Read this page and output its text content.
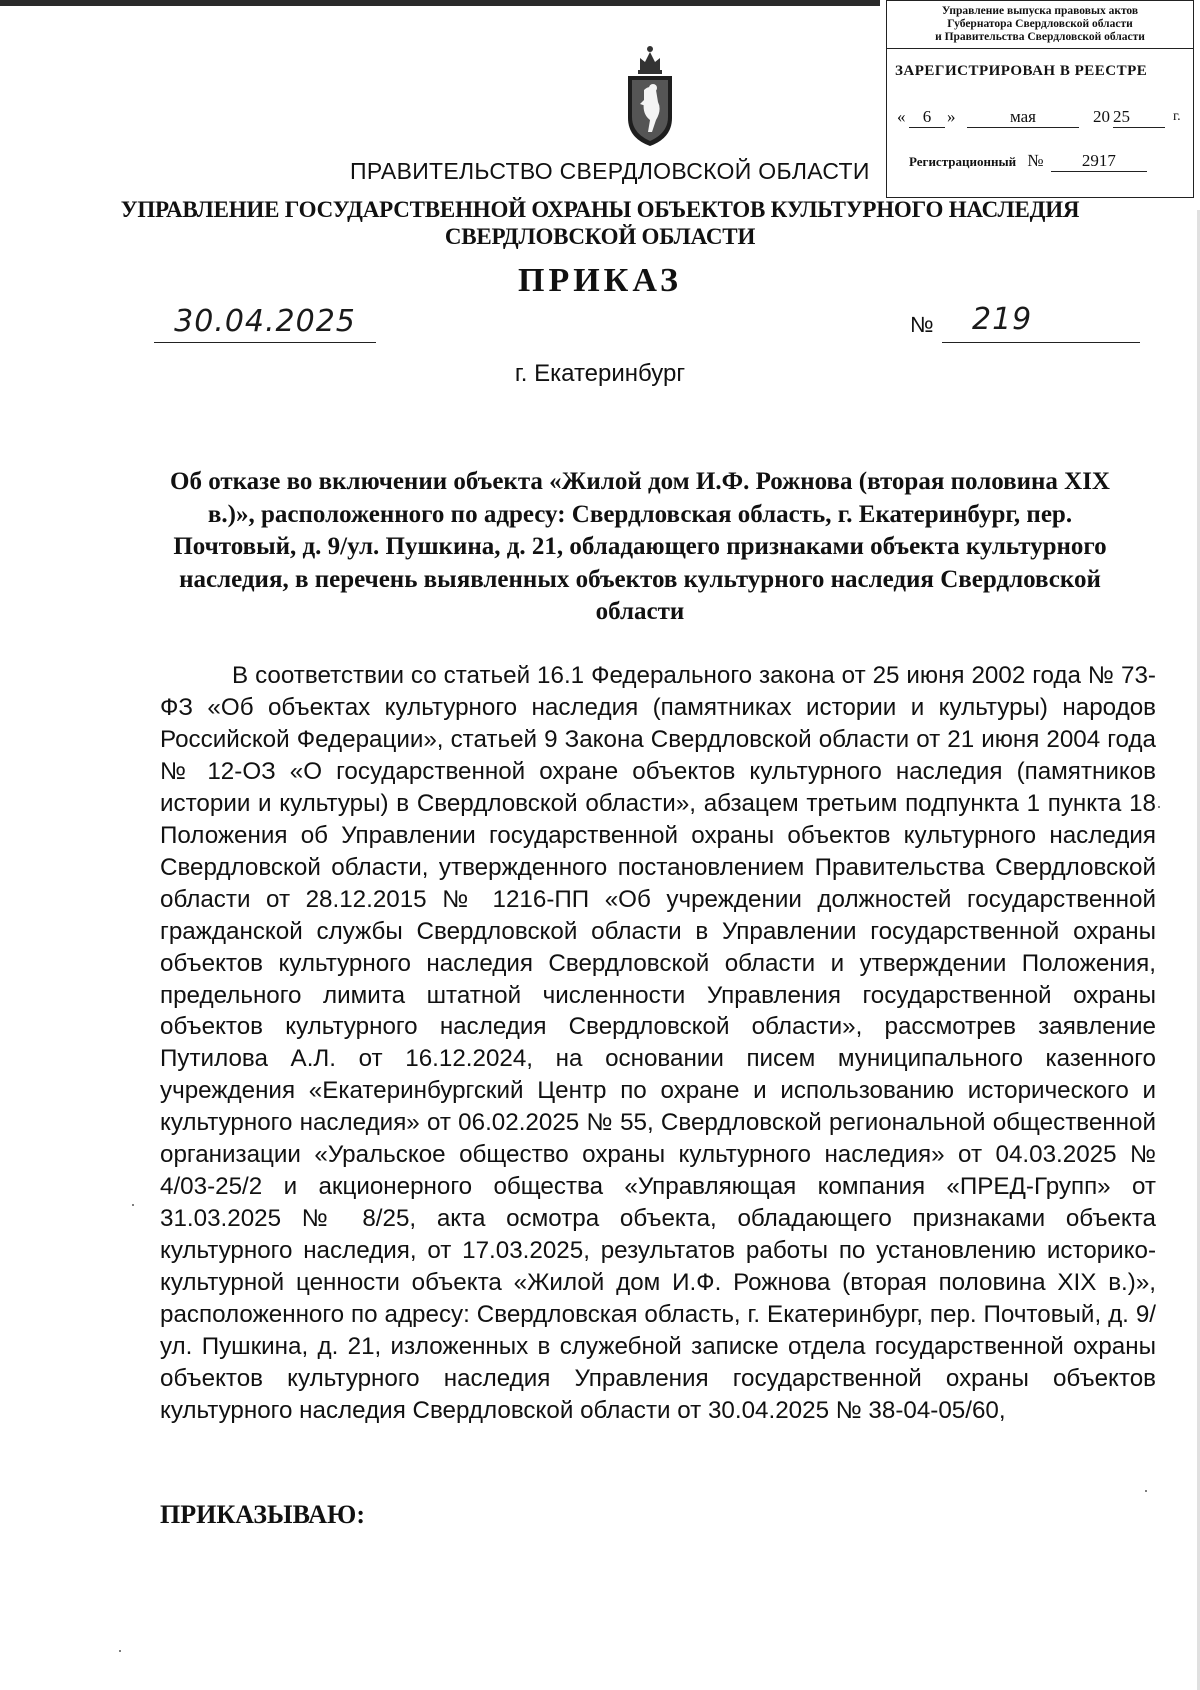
Управление выпуска правовых актов
Губернатора Свердловской области
и Правительства Свердловской области
ЗАРЕГИСТРИРОВАН В РЕЕСТРЕ
«	6 »	мая	20 25	г.
Регистрационный № 2917
ПРАВИТЕЛЬСТВО СВЕРДЛОВСКОЙ ОБЛАСТИ
УПРАВЛЕНИЕ ГОСУДАРСТВЕННОЙ ОХРАНЫ ОБЪЕКТОВ КУЛЬТУРНОГО НАСЛЕДИЯ
СВЕРДЛОВСКОЙ ОБЛАСТИ
ПРИКАЗ
30.04.2025	№	219
г. Екатеринбург
Об отказе во включении объекта «Жилой дом И.Ф. Рожнова (вторая половина XIX в.)», расположенного по адресу: Свердловская область, г. Екатеринбург, пер. Почтовый, д. 9/ул. Пушкина, д. 21, обладающего признаками объекта культурного наследия, в перечень выявленных объектов культурного наследия Свердловской области
В соответствии со статьей 16.1 Федерального закона от 25 июня 2002 года № 73-ФЗ «Об объектах культурного наследия (памятниках истории и культуры) народов Российской Федерации», статьей 9 Закона Свердловской области от 21 июня 2004 года № 12-ОЗ «О государственной охране объектов культурного наследия (памятников истории и культуры) в Свердловской области», абзацем третьим подпункта 1 пункта 18 Положения об Управлении государственной охраны объектов культурного наследия Свердловской области, утвержденного постановлением Правительства Свердловской области от 28.12.2015 № 1216-ПП «Об учреждении должностей государственной гражданской службы Свердловской области в Управлении государственной охраны объектов культурного наследия Свердловской области и утверждении Положения, предельного лимита штатной численности Управления государственной охраны объектов культурного наследия Свердловской области», рассмотрев заявление Путилова А.Л. от 16.12.2024, на основании писем муниципального казенного учреждения «Екатеринбургский Центр по охране и использованию исторического и культурного наследия» от 06.02.2025 № 55, Свердловской региональной общественной организации «Уральское общество охраны культурного наследия» от 04.03.2025 № 4/03-25/2 и акционерного общества «Управляющая компания «ПРЕД-Групп» от 31.03.2025 № 8/25, акта осмотра объекта, обладающего признаками объекта культурного наследия, от 17.03.2025, результатов работы по установлению историко-культурной ценности объекта «Жилой дом И.Ф. Рожнова (вторая половина XIX в.)», расположенного по адресу: Свердловская область, г. Екатеринбург, пер. Почтовый, д. 9/ул. Пушкина, д. 21, изложенных в служебной записке отдела государственной охраны объектов культурного наследия Управления государственной охраны объектов культурного наследия Свердловской области от 30.04.2025 № 38-04-05/60,
ПРИКАЗЫВАЮ:
